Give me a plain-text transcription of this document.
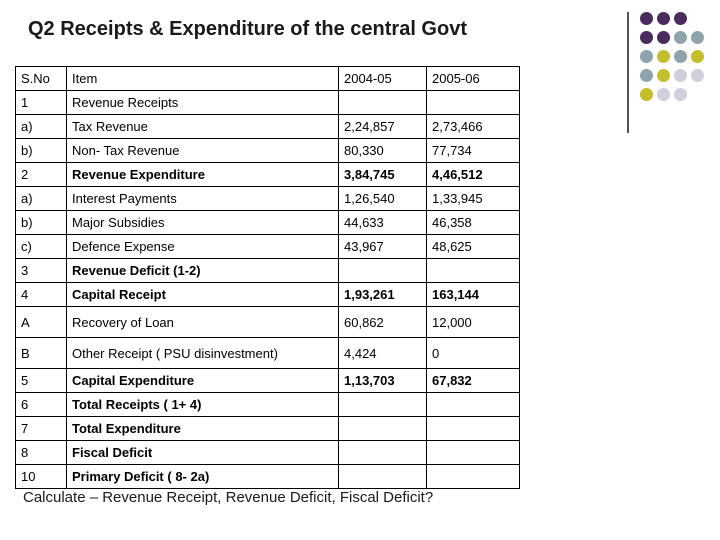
Q2 Receipts & Expenditure of the central Govt
S.No	Item	2004-05	2005-06
1	Revenue Receipts		
a)	Tax Revenue	2,24,857	2,73,466
b)	Non- Tax Revenue	80,330	77,734
2	Revenue Expenditure	3,84,745	4,46,512
a)	Interest Payments	1,26,540	1,33,945
b)	Major Subsidies	44,633	46,358
c)	Defence Expense	43,967	48,625
3	Revenue Deficit (1-2)		
4	Capital Receipt	1,93,261	163,144
A	Recovery of Loan	60,862	12,000
B	Other Receipt ( PSU disinvestment)	4,424	0
5	Capital Expenditure	1,13,703	67,832
6	Total Receipts ( 1+ 4)		
7	Total Expenditure		
8	Fiscal Deficit		
10	Primary Deficit ( 8- 2a)		
Calculate – Revenue Receipt, Revenue Deficit, Fiscal Deficit?
